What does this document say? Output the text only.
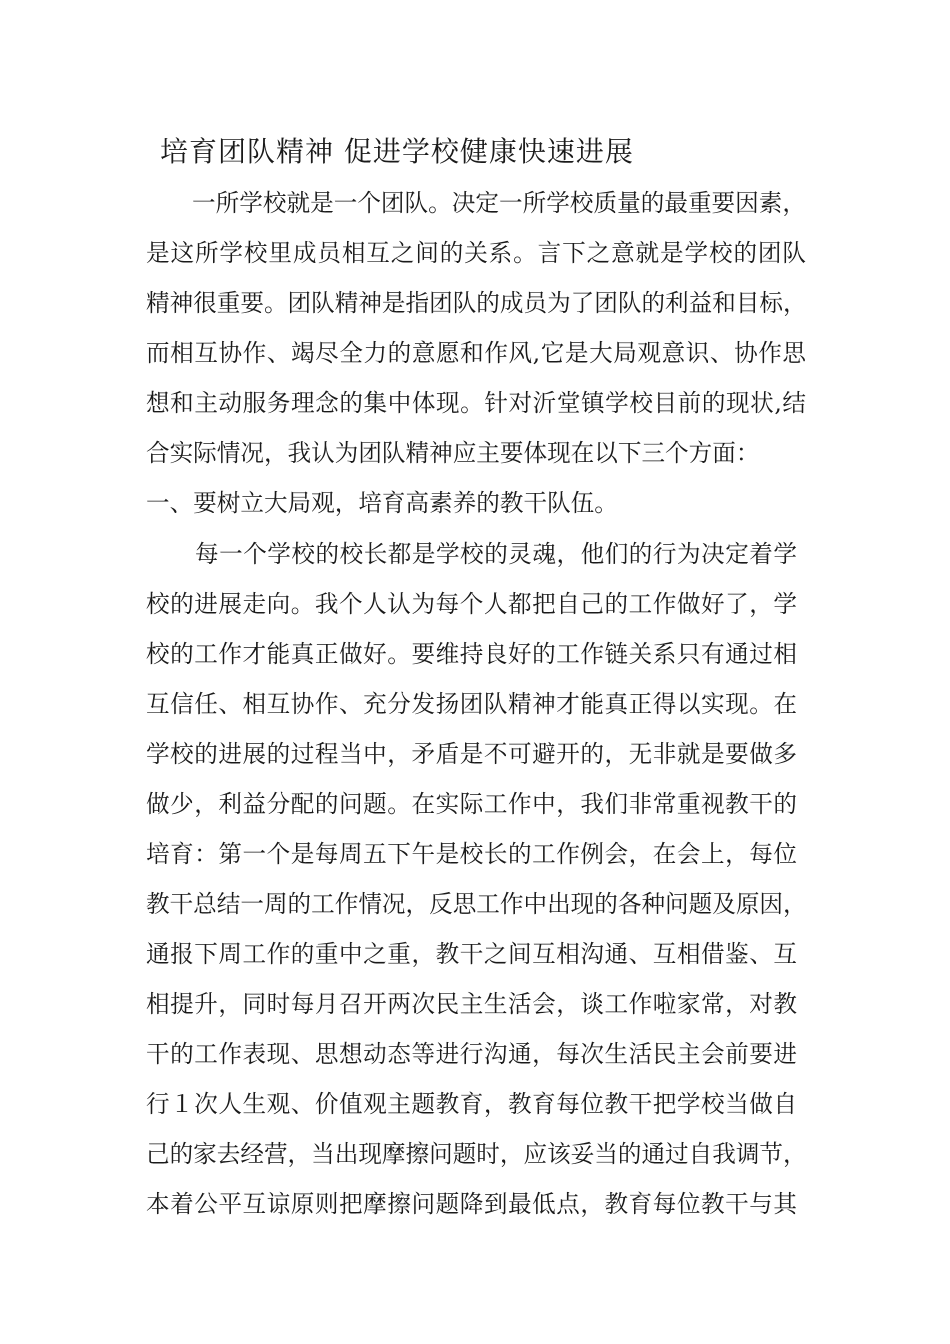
培育团队精神 促进学校健康快速进展
一所学校就是一个团队。决定一所学校质量的最重要因素，
是这所学校里成员相互之间的关系。言下之意就是学校的团队
精神很重要。团队精神是指团队的成员为了团队的利益和目标，
而相互协作、竭尽全力的意愿和作风,它是大局观意识、协作思
想和主动服务理念的集中体现。针对沂堂镇学校目前的现状,结
合实际情况，我认为团队精神应主要体现在以下三个方面：
一、要树立大局观，培育高素养的教干队伍。
每一个学校的校长都是学校的灵魂，他们的行为决定着学
校的进展走向。我个人认为每个人都把自己的工作做好了，学
校的工作才能真正做好。要维持良好的工作链关系只有通过相
互信任、相互协作、充分发扬团队精神才能真正得以实现。在
学校的进展的过程当中，矛盾是不可避开的，无非就是要做多
做少，利益分配的问题。在实际工作中，我们非常重视教干的
培育：第一个是每周五下午是校长的工作例会，在会上，每位
教干总结一周的工作情况，反思工作中出现的各种问题及原因，
通报下周工作的重中之重，教干之间互相沟通、互相借鉴、互
相提升，同时每月召开两次民主生活会，谈工作啦家常，对教
干的工作表现、思想动态等进行沟通，每次生活民主会前要进
行１次人生观、价值观主题教育，教育每位教干把学校当做自
己的家去经营，当出现摩擦问题时，应该妥当的通过自我调节，
本着公平互谅原则把摩擦问题降到最低点，教育每位教干与其
